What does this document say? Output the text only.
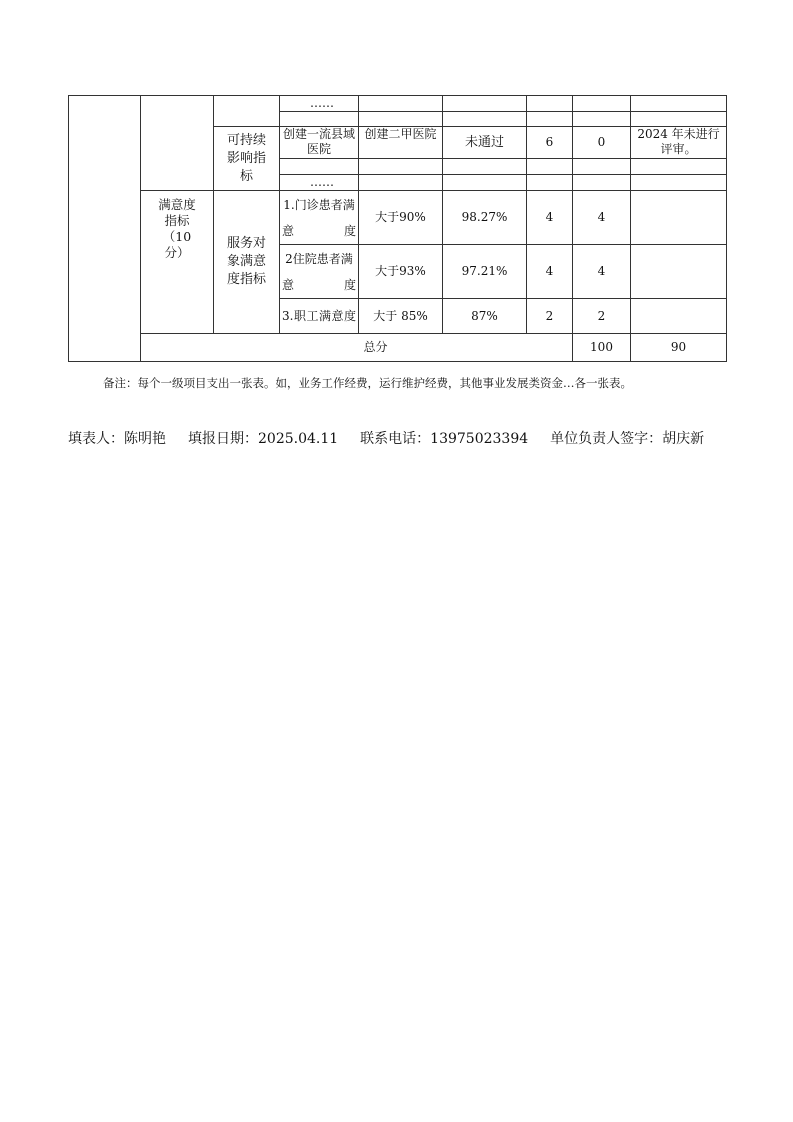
			……						

		可持续影响指标	创建一流县域医院	创建二甲医院	未通过	6	0	2024 年未进行评审。	

			……						
	满意度指标（10分）	服务对象满意度指标	1.门诊患者满意度	大于90%	98.27%	4	4		
			2住院患者满意度	大于93%	97.21%	4	4		
			3.职工满意度	大于 85%	87%	2	2		
	总分						100	90	
备注：每个一级项目支出一张表。如，业务工作经费，运行维护经费，其他事业发展类资金…各一张表。
填表人：陈明艳 填报日期：2025.04.11 联系电话：13975023394 单位负责人签字：胡庆新
